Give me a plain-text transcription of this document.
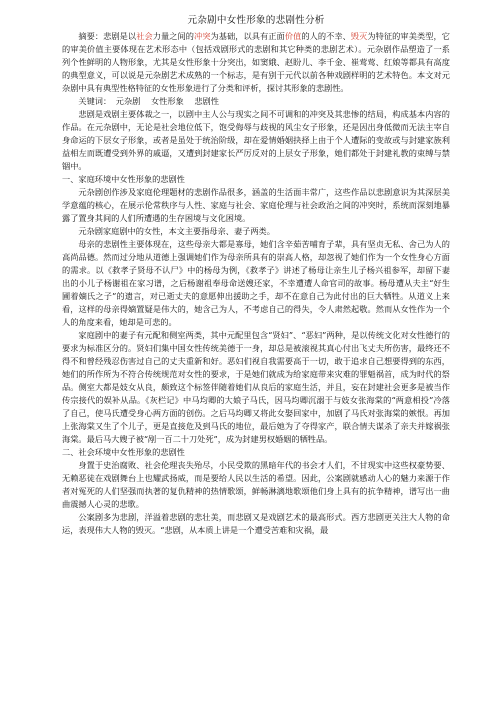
元杂剧中女性形象的悲剧性分析

摘要：悲剧是以社会力量之间的冲突为基础，以具有正面价值的人的不幸、毁灭为特征的审美类型，它的审美价值主要体现在艺术形态中（包括戏剧形式的悲剧和其它种类的悲剧艺术）。元杂剧作品塑造了一系列个性鲜明的人物形象，尤其是女性形象十分突出，如窦娥、赵盼儿、李千金、崔莺莺、红娘等都具有高度的典型意义，可以说是元杂剧艺术成熟的一个标志，是有别于元代以前各种戏剧样明的艺术特色。本文对元杂剧中具有典型性格特征的女性形象进行了分类和评析，探讨其形象的悲剧性。

关键词： 元杂剧 女性形象 悲剧性

悲剧是戏剧主要体裁之一，以剧中主人公与现实之间不可调和的冲突及其悲惨的结局，构成基本内容的作品。在元杂剧中，无论是社会地位低下，饱受侮辱与歧视的风尘女子形象，还是因出身低微而无法主宰自身命运的下层女子形象，或者是虽处于统治阶级，却在爱情婚姻抉择上由于个人遭际的变故或与封建家族利益相左而既遭受到外界的戚逼，又遭到封建家长严厉反对的上层女子形象，她们都处于封建礼教的束缚与禁锢中。

一、家庭环境中女性形象的悲剧性

元杂剧创作涉及家庭伦理题材的悲剧作品很多，涵盖的生活面丰常广，这些作品以悲剧意识为其深层美学意蕴的核心，在展示伦常秩序与人性、家庭与社会、家庭伦理与社会政治之间的冲突时，系统而深刻地暴露了置身其间的人们所遭遇的生存困境与文化困境。

元杂剧家庭剧中的女性，本文主要指母亲、妻子两类。

母亲的悲剧性主要体现在，这些母亲大都是寡母，她们含辛茹苦哺育子辈，具有坚贞无私、舍己为人的高尚品德。然而过分地从道德上强调她们作为母亲所具有的崇高人格，却忽视了她们作为一个女性身心方面的需求。以《救孝子贤母不认尸》中的杨母为例，《救孝子》讲述了杨母让亲生儿子杨兴祖参军，却留下妻出的小儿子杨谢祖在家习谱，之后杨谢祖奉母命送嫂还家，不幸遭遭人命官司的故事。杨母遭从夫主“好生圃着嫡氏之子”的遗言，对已逝丈夫的意愿伸出援助之手，却不在意自己为此付出的巨大牺牲。从道义上来看，这样的母亲得嫡置疑是伟大的，她含己为人，不考虑自己的得失，令人肃然起敬。然而从女性作为一个人的角度来看，她却是可悲的。

家庭剧中的妻子有元配和侧室两类，其中元配里包含“贤妇”、“恶妇”两种，是以传统文化对女性德行的要求为标准区分的。贤妇们集中国女性传统美德于一身，却总是被滚视其真心付出飞丈夫所伤害，最终还不得不和曾经残忍伤害过自己的丈夫重新和好。恶妇们视自我需要高于一切，敢于追求自己想要得到的东西，她们的所作所为不符合传统规范对女性的要求，于是她们就成为给家庭带来灾难的罪魁祸首，成为时代的祭品。侧室大都是妓女从良，颇致这个标签伴随着她们从良后的家庭生活，并且，妄在封建社会更多是被当作传宗接代的娱补从品。《灰栏记》中马均卿的大娘子马氏，因马均卿沉溺于与妓女张海棠的“两意相投”冷落了自己，使马氏遭受身心两方面的创伤。之后马均卿又将此女娶回家中，加剧了马氏对张海棠的嫉恨。再加上张海棠又生了个儿子，更是直接危及到马氏的地位，最后她为了夺得家产，联合情夫谋杀了亲夫并嫁祸张海棠。最后马大嫂子被“剐一百二十刀处死”，成为封建男权婚姻的牺牲品。

二、社会环境中女性形象的悲剧性

身置于史治腐败、社会伦理丧失殆尽，小民受欺的黑暗年代的书会才人们，不甘现实中这些权豪势要、无赖恶徒在戏剧舞台上也耀武扬威，而是要给人民以生活的希望。因此，公案剧就感动人心的魅力来源于作者对冤死的人们坚强而执著的复仇精神的热情歌颂，鲜畅淋漓地歌颂他们身上具有的抗争精神，谱写出一曲曲震撼人心灵的悲歌。

公案剧多为悲剧，洋溢着悲剧的悲壮美，而悲剧又是戏剧艺术的最高形式。西方悲剧更关注大人物的命运，表现伟大人物的毁灭。“悲剧，从本质上讲是一个遭受苦难和灾祸，最
